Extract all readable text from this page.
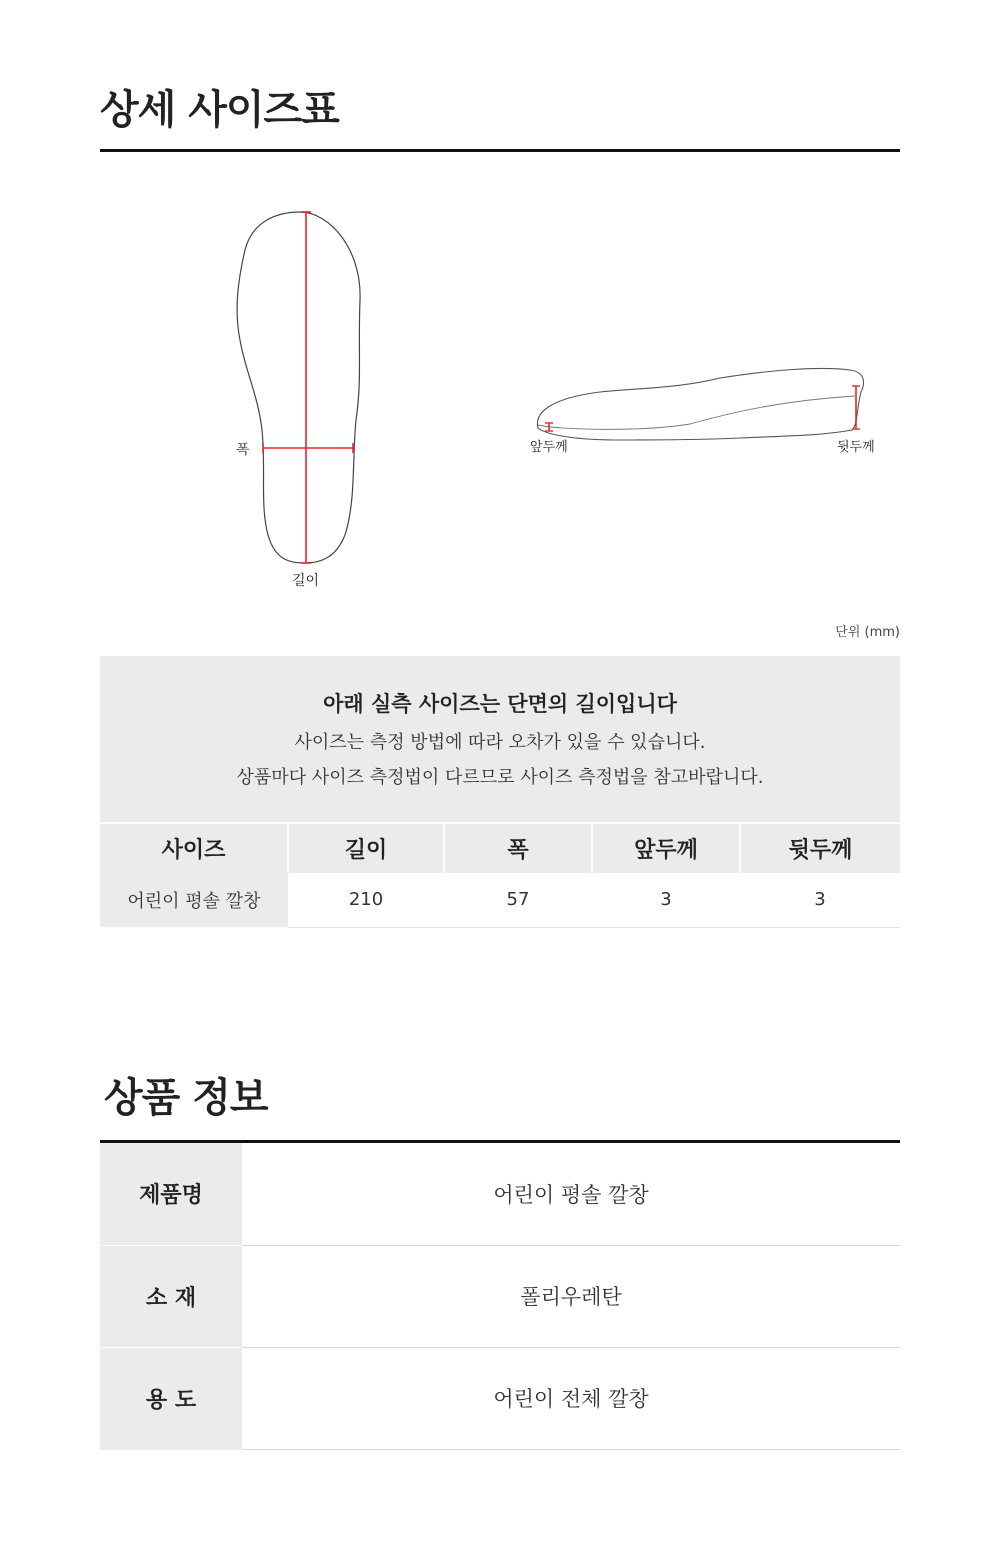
상세 사이즈표
폭
길이
앞두께	뒷두께
단위 (mm)
아래 실측 사이즈는 단면의 길이입니다
사이즈는 측정 방법에 따라 오차가 있을 수 있습니다.
상품마다 사이즈 측정법이 다르므로 사이즈 측정법을 참고바랍니다.
사이즈	길이	폭	앞두께	뒷두께
어린이 평솔 깔창	210	57	3	3
상품 정보
제품명	어린이 평솔 깔창
소 재	폴리우레탄
용 도	어린이 전체 깔창
